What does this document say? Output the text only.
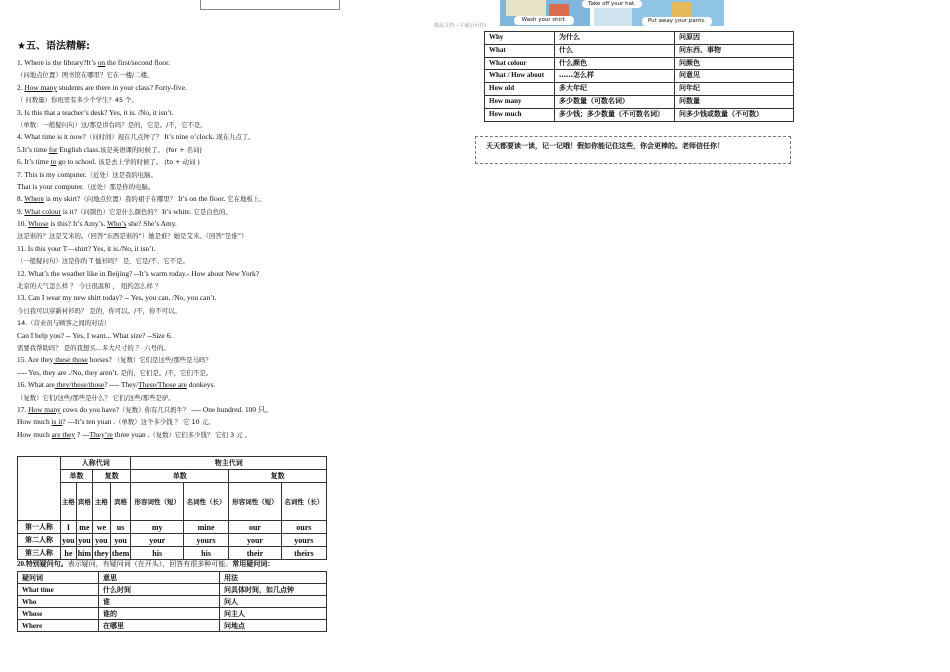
Wash your shirt.
Take off your hat.
Put away your pants.
精品文档---下载后可任Ⅰ
★五、语法精解:
1. Where is the library?It’s on the first/second floor.
（问地点位置）图书馆在哪里？它在一楼/二楼。
2. How many students are there in your class? Forty-five.
（ 问数量）你班里有多少个学生？45 个。
3. Is this that a teacher’s desk? Yes, it is. /No, it isn’t.
（单数：一般疑问句）这/那是讲台吗？是的，它是。/不，它不是。
4. What time is it now?（问时间）现在几点钟了？ It’s nine o’clock. 现在九点了。
5.It’s time for English class.该是英语课的时候了。 (for + 名词)
6. It’s time to go to school. 该是去上学的时候了。 (to + 动词 )
7. This is my computer.（近处）这是我的电脑。
That is your computer.（远处）那是你的电脑。
8. Where is my skirt?（问地点位置）我的裙子在哪里？ It’s on the floor. 它在地板上。
9. What colour is it?（问颜色）它是什么颜色的？ It’s white. 它是白色的。
10. Whose is this? It’s Amy’s. Who’s she? She’s Amy.
这是谁的？这是艾米的。（回答“东西是谁的”）她是谁？她是艾米。（回答“是谁”）
11. Is this your T—shirt? Yes, it is./No, it isn’t.
（一般疑问句）这是你的 T 恤衫吗？ 是，它是/不，它不是。
12. What’s the weather like in Beijing? --It’s warm today.- How about New York?
北京的天气怎么样 ？ 今日很温和 ， 纽约怎么样 ？
13. Can I wear my new shirt today? -- Yes, you can. /No, you can’t.
今日我可以穿新衬衫吗？ 是的，你可以。/不，你不可以。
14.（营业员与顾客之间的对话）
Can I help you? -- Yes, I want... What size? --Size 6.
需要我帮助吗？ 是的我想买...多大尺寸的 ？ 六号的。
15. Are they these those horses? （复数）它们是这些/那些是马吗？
---- Yes, they are ./No, they aren’t. 是的，它们是。/不，它们不是。
16. What are they/these/those? ---- They/These/Those are donkeys.
（复数）它们/这些/那些是什么？ 它们/这些/那些是驴。
17. How many cows do you have?（复数）你有几只奶牛？ ---- One hundred. 100 只。
How much is it? ---It’s ten yuan .（单数）这个多少钱 ？ 它 10 元。
How much are they ? ---They’re three yuan .（复数）它们多少钱？ 它们 3 元 。
	人称代词				物主代词			
	单数		复数		单数		复数	
	主格	宾格	主格	宾格	形容词性（短）	名词性（长）	形容词性（短）	名词性（长）
第一人称	I	me	we	us	my	mine	our	ours
第二人称	you	you	you	you	your	yours	your	yours
第三人称	he	him	they	them	his	his	their	theirs
20.特别疑问句。表示疑问，有疑问词（在开头），回答有很多种可能。常用疑问词：
疑问词	意思	用法
What time	什么时间	问具体时间，如几点钟
Who	谁	问人
Whose	谁的	问主人
Where	在哪里	问地点
Why	为什么	问原因
What	什么	问东西、事物
What colour	什么颜色	问颜色
What / How about	……怎么样	问意见
How old	多大年纪	问年纪
How many	多少数量（可数名词）	问数量
How much	多少钱；多少数量（不可数名词）	问多少钱或数量（不可数）
天天都要读一读，记一记哦！假如你能记住这些，你会更棒的。老师信任你！
